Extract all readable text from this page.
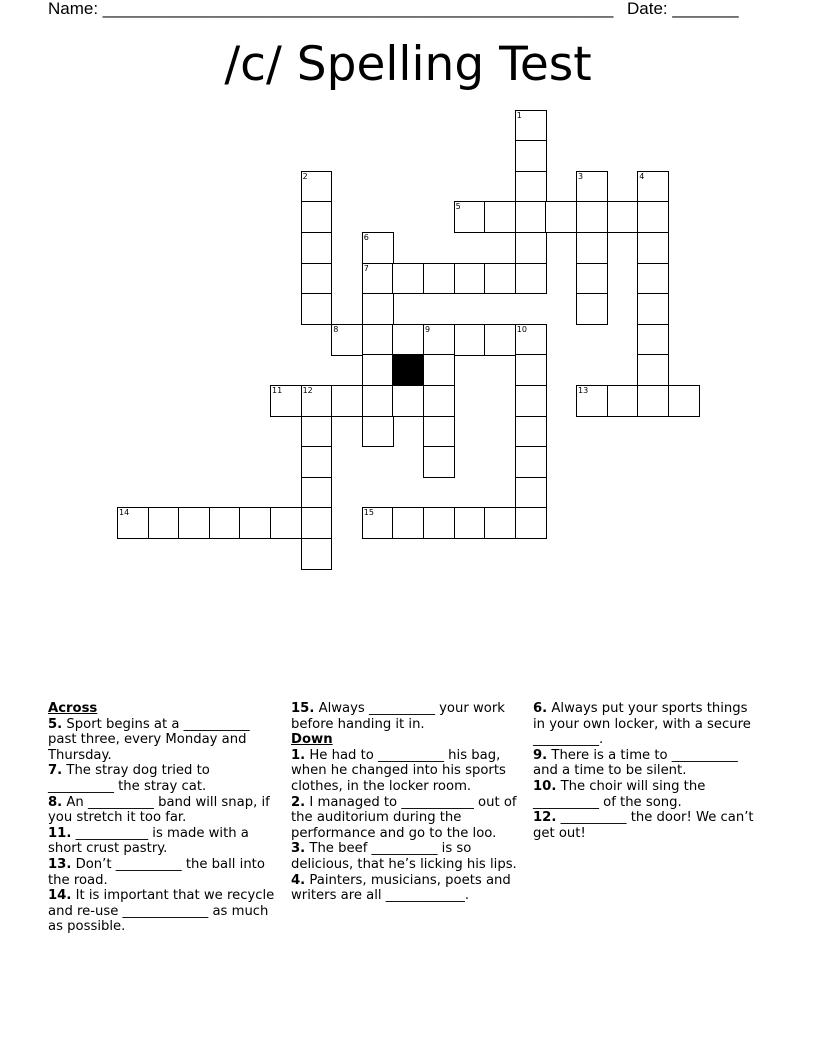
Name: ______________________________________________________ Date: _______
/c/ Spelling Test
1
2	3	4
5
6
7
8	9	10
11	12	13
14	15
Across
5. Sport begins at a __________ past three, every Monday and Thursday.
7. The stray dog tried to __________ the stray cat.
8. An __________ band will snap, if you stretch it too far.
11. ___________ is made with a short crust pastry.
13. Don’t __________ the ball into the road.
14. It is important that we recycle and re-use _____________ as much as possible.
15. Always __________ your work before handing it in.
Down
1. He had to __________ his bag, when he changed into his sports clothes, in the locker room.
2. I managed to ___________ out of the auditorium during the performance and go to the loo.
3. The beef __________ is so delicious, that he’s licking his lips.
4. Painters, musicians, poets and writers are all ____________.
6. Always put your sports things in your own locker, with a secure __________.
9. There is a time to __________ and a time to be silent.
10. The choir will sing the __________ of the song.
12. __________ the door! We can’t get out!
